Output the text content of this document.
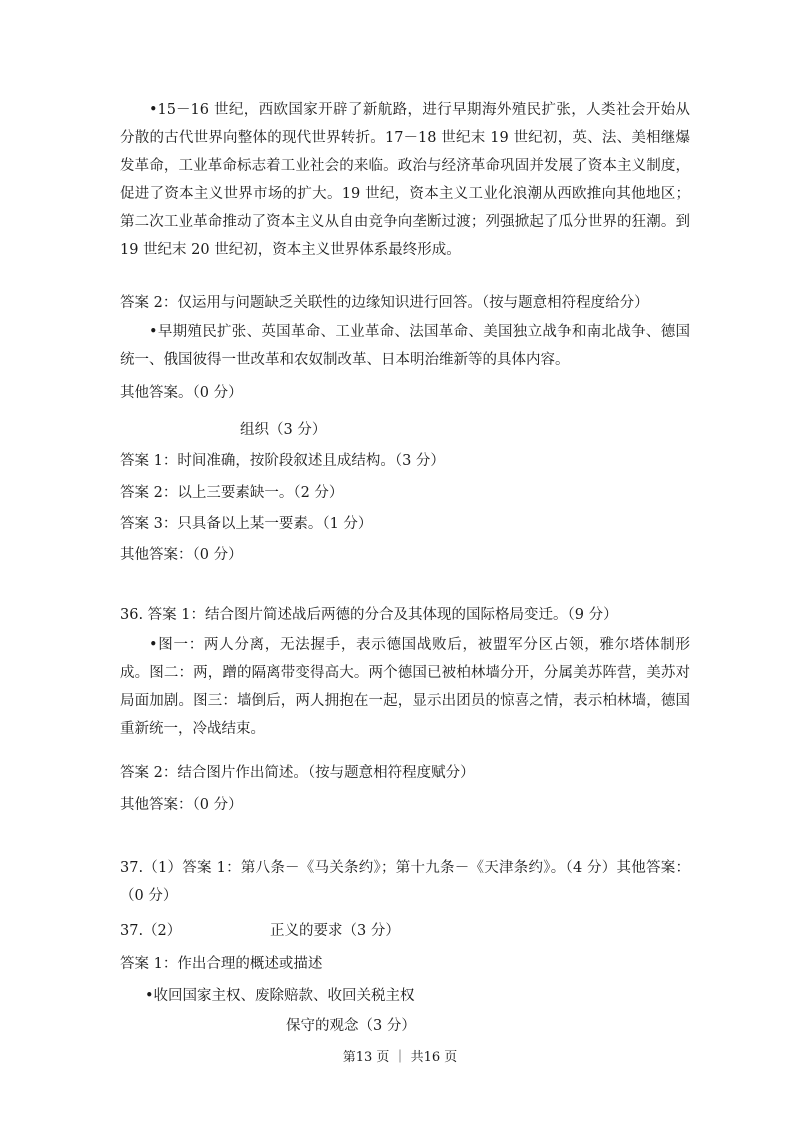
•15－16 世纪，西欧国家开辟了新航路，进行早期海外殖民扩张，人类社会开始从分散的古代世界向整体的现代世界转折。17－18 世纪末 19 世纪初，英、法、美相继爆发革命，工业革命标志着工业社会的来临。政治与经济革命巩固并发展了资本主义制度，促进了资本主义世界市场的扩大。19 世纪，资本主义工业化浪潮从西欧推向其他地区；第二次工业革命推动了资本主义从自由竞争向垄断过渡；列强掀起了瓜分世界的狂潮。到 19 世纪末 20 世纪初，资本主义世界体系最终形成。

答案 2：仅运用与问题缺乏关联性的边缘知识进行回答。（按与题意相符程度给分）

•早期殖民扩张、英国革命、工业革命、法国革命、美国独立战争和南北战争、德国统一、俄国彼得一世改革和农奴制改革、日本明治维新等的具体内容。

其他答案。（0 分）

组织（3 分）

答案 1：时间准确，按阶段叙述且成结构。（3 分）

答案 2：以上三要素缺一。（2 分）

答案 3：只具备以上某一要素。（1 分）

其他答案：（0 分）

36. 答案 1：结合图片简述战后两德的分合及其体现的国际格局变迁。（9 分）

•图一：两人分离，无法握手，表示德国战败后，被盟军分区占领，雅尔塔体制形成。图二：两，蹭的隔离带变得高大。两个德国已被柏林墙分开，分属美苏阵营，美苏对局面加剧。图三：墙倒后，两人拥抱在一起，显示出团员的惊喜之情，表示柏林墙，德国重新统一，冷战结束。

答案 2：结合图片作出简述。（按与题意相符程度赋分）

其他答案：（0 分）

37.（1）答案 1：第八条－《马关条约》；第十九条－《天津条约》。（4 分）其他答案：（0 分）

37.（2）	正义的要求（3 分）

答案 1：作出合理的概述或描述

•收回国家主权、废除赔款、收回关税主权

保守的观念（3 分）

第13 页 ｜ 共16 页
